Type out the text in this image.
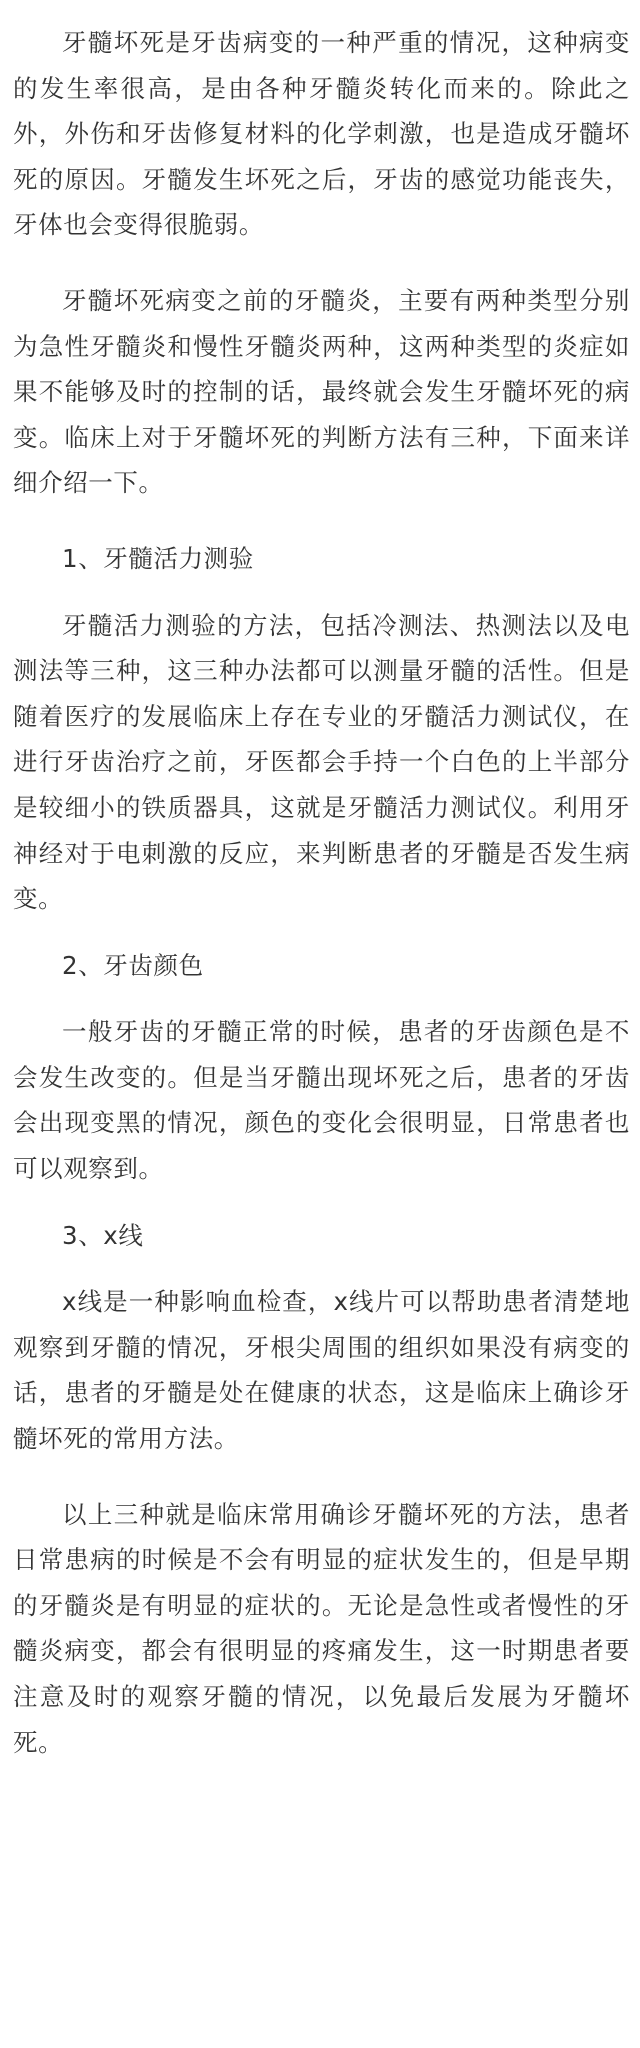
牙髓坏死是牙齿病变的一种严重的情况，这种病变的发生率很高，是由各种牙髓炎转化而来的。除此之外，外伤和牙齿修复材料的化学刺激，也是造成牙髓坏死的原因。牙髓发生坏死之后，牙齿的感觉功能丧失，牙体也会变得很脆弱。

牙髓坏死病变之前的牙髓炎，主要有两种类型分别为急性牙髓炎和慢性牙髓炎两种，这两种类型的炎症如果不能够及时的控制的话，最终就会发生牙髓坏死的病变。临床上对于牙髓坏死的判断方法有三种，下面来详细介绍一下。

1、牙髓活力测验

牙髓活力测验的方法，包括冷测法、热测法以及电测法等三种，这三种办法都可以测量牙髓的活性。但是随着医疗的发展临床上存在专业的牙髓活力测试仪，在进行牙齿治疗之前，牙医都会手持一个白色的上半部分是较细小的铁质器具，这就是牙髓活力测试仪。利用牙神经对于电刺激的反应，来判断患者的牙髓是否发生病变。

2、牙齿颜色

一般牙齿的牙髓正常的时候，患者的牙齿颜色是不会发生改变的。但是当牙髓出现坏死之后，患者的牙齿会出现变黑的情况，颜色的变化会很明显，日常患者也可以观察到。

3、x线

x线是一种影响血检查，x线片可以帮助患者清楚地观察到牙髓的情况，牙根尖周围的组织如果没有病变的话，患者的牙髓是处在健康的状态，这是临床上确诊牙髓坏死的常用方法。

以上三种就是临床常用确诊牙髓坏死的方法，患者日常患病的时候是不会有明显的症状发生的，但是早期的牙髓炎是有明显的症状的。无论是急性或者慢性的牙髓炎病变，都会有很明显的疼痛发生，这一时期患者要注意及时的观察牙髓的情况，以免最后发展为牙髓坏死。
